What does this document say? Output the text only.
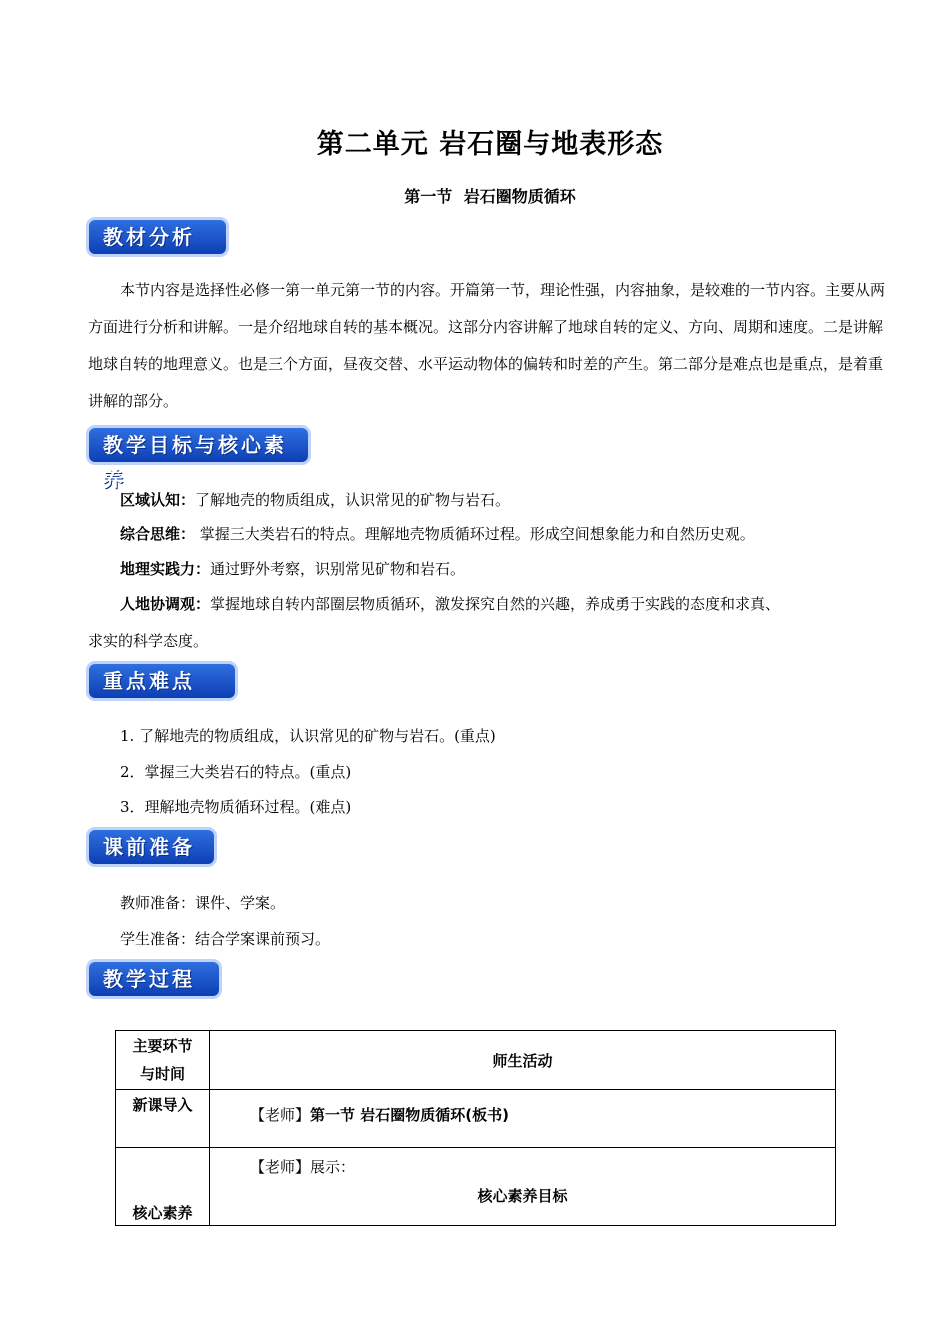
第二单元 岩石圈与地表形态
第一节 岩石圈物质循环
教材分析
本节内容是选择性必修一第一单元第一节的内容。开篇第一节，理论性强，内容抽象，是较难的一节内容。主要从两方面进行分析和讲解。一是介绍地球自转的基本概况。这部分内容讲解了地球自转的定义、方向、周期和速度。二是讲解地球自转的地理意义。也是三个方面，昼夜交替、水平运动物体的偏转和时差的产生。第二部分是难点也是重点，是着重讲解的部分。
教学目标与核心素养
区域认知：了解地壳的物质组成，认识常见的矿物与岩石。
综合思维： 掌握三大类岩石的特点。理解地壳物质循环过程。形成空间想象能力和自然历史观。
地理实践力：通过野外考察，识别常见矿物和岩石。
人地协调观：掌握地球自转内部圈层物质循环，激发探究自然的兴趣，养成勇于实践的态度和求真、
求实的科学态度。
重点难点
1. 了解地壳的物质组成，认识常见的矿物与岩石。(重点)
2．掌握三大类岩石的特点。(重点)
3．理解地壳物质循环过程。(难点)
课前准备
教师准备：课件、学案。
学生准备：结合学案课前预习。
教学过程
主要环节
与时间	师生活动
新课导入	【老师】第一节 岩石圈物质循环(板书)
核心素养	【老师】展示：
核心素养目标
